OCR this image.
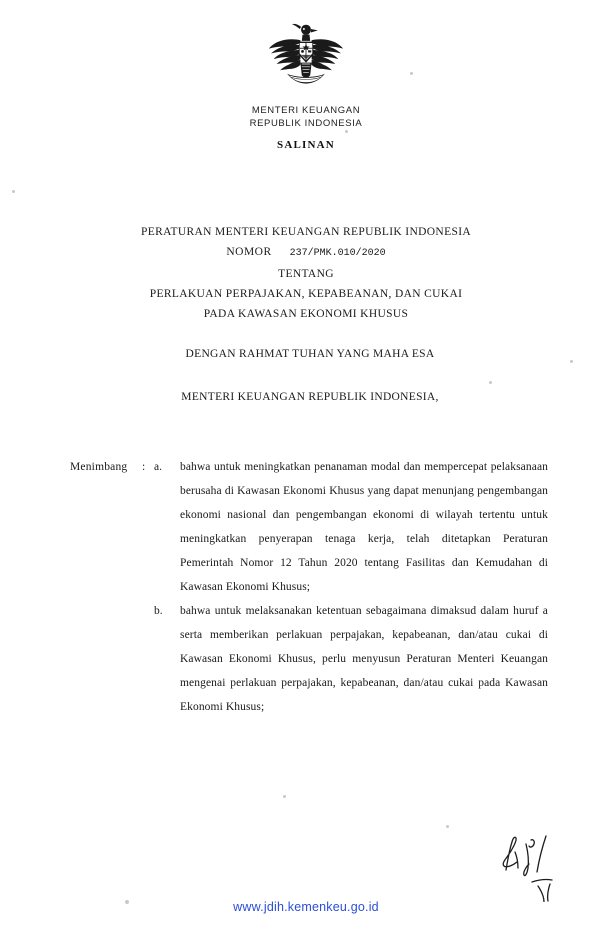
MENTERI KEUANGAN
REPUBLIK INDONESIA
SALINAN
PERATURAN MENTERI KEUANGAN REPUBLIK INDONESIA
NOMOR 237/PMK.010/2020
TENTANG
PERLAKUAN PERPAJAKAN, KEPABEANAN, DAN CUKAI
PADA KAWASAN EKONOMI KHUSUS
DENGAN RAHMAT TUHAN YANG MAHA ESA
MENTERI KEUANGAN REPUBLIK INDONESIA,
Menimbang	: a.	bahwa untuk meningkatkan penanaman modal dan mempercepat pelaksanaan berusaha di Kawasan Ekonomi Khusus yang dapat menunjang pengembangan ekonomi nasional dan pengembangan ekonomi di wilayah tertentu untuk meningkatkan penyerapan tenaga kerja, telah ditetapkan Peraturan Pemerintah Nomor 12 Tahun 2020 tentang Fasilitas dan Kemudahan di Kawasan Ekonomi Khusus;
b.	bahwa untuk melaksanakan ketentuan sebagaimana dimaksud dalam huruf a serta memberikan perlakuan perpajakan, kepabeanan, dan/atau cukai di Kawasan Ekonomi Khusus, perlu menyusun Peraturan Menteri Keuangan mengenai perlakuan perpajakan, kepabeanan, dan/atau cukai pada Kawasan Ekonomi Khusus;
www.jdih.kemenkeu.go.id
